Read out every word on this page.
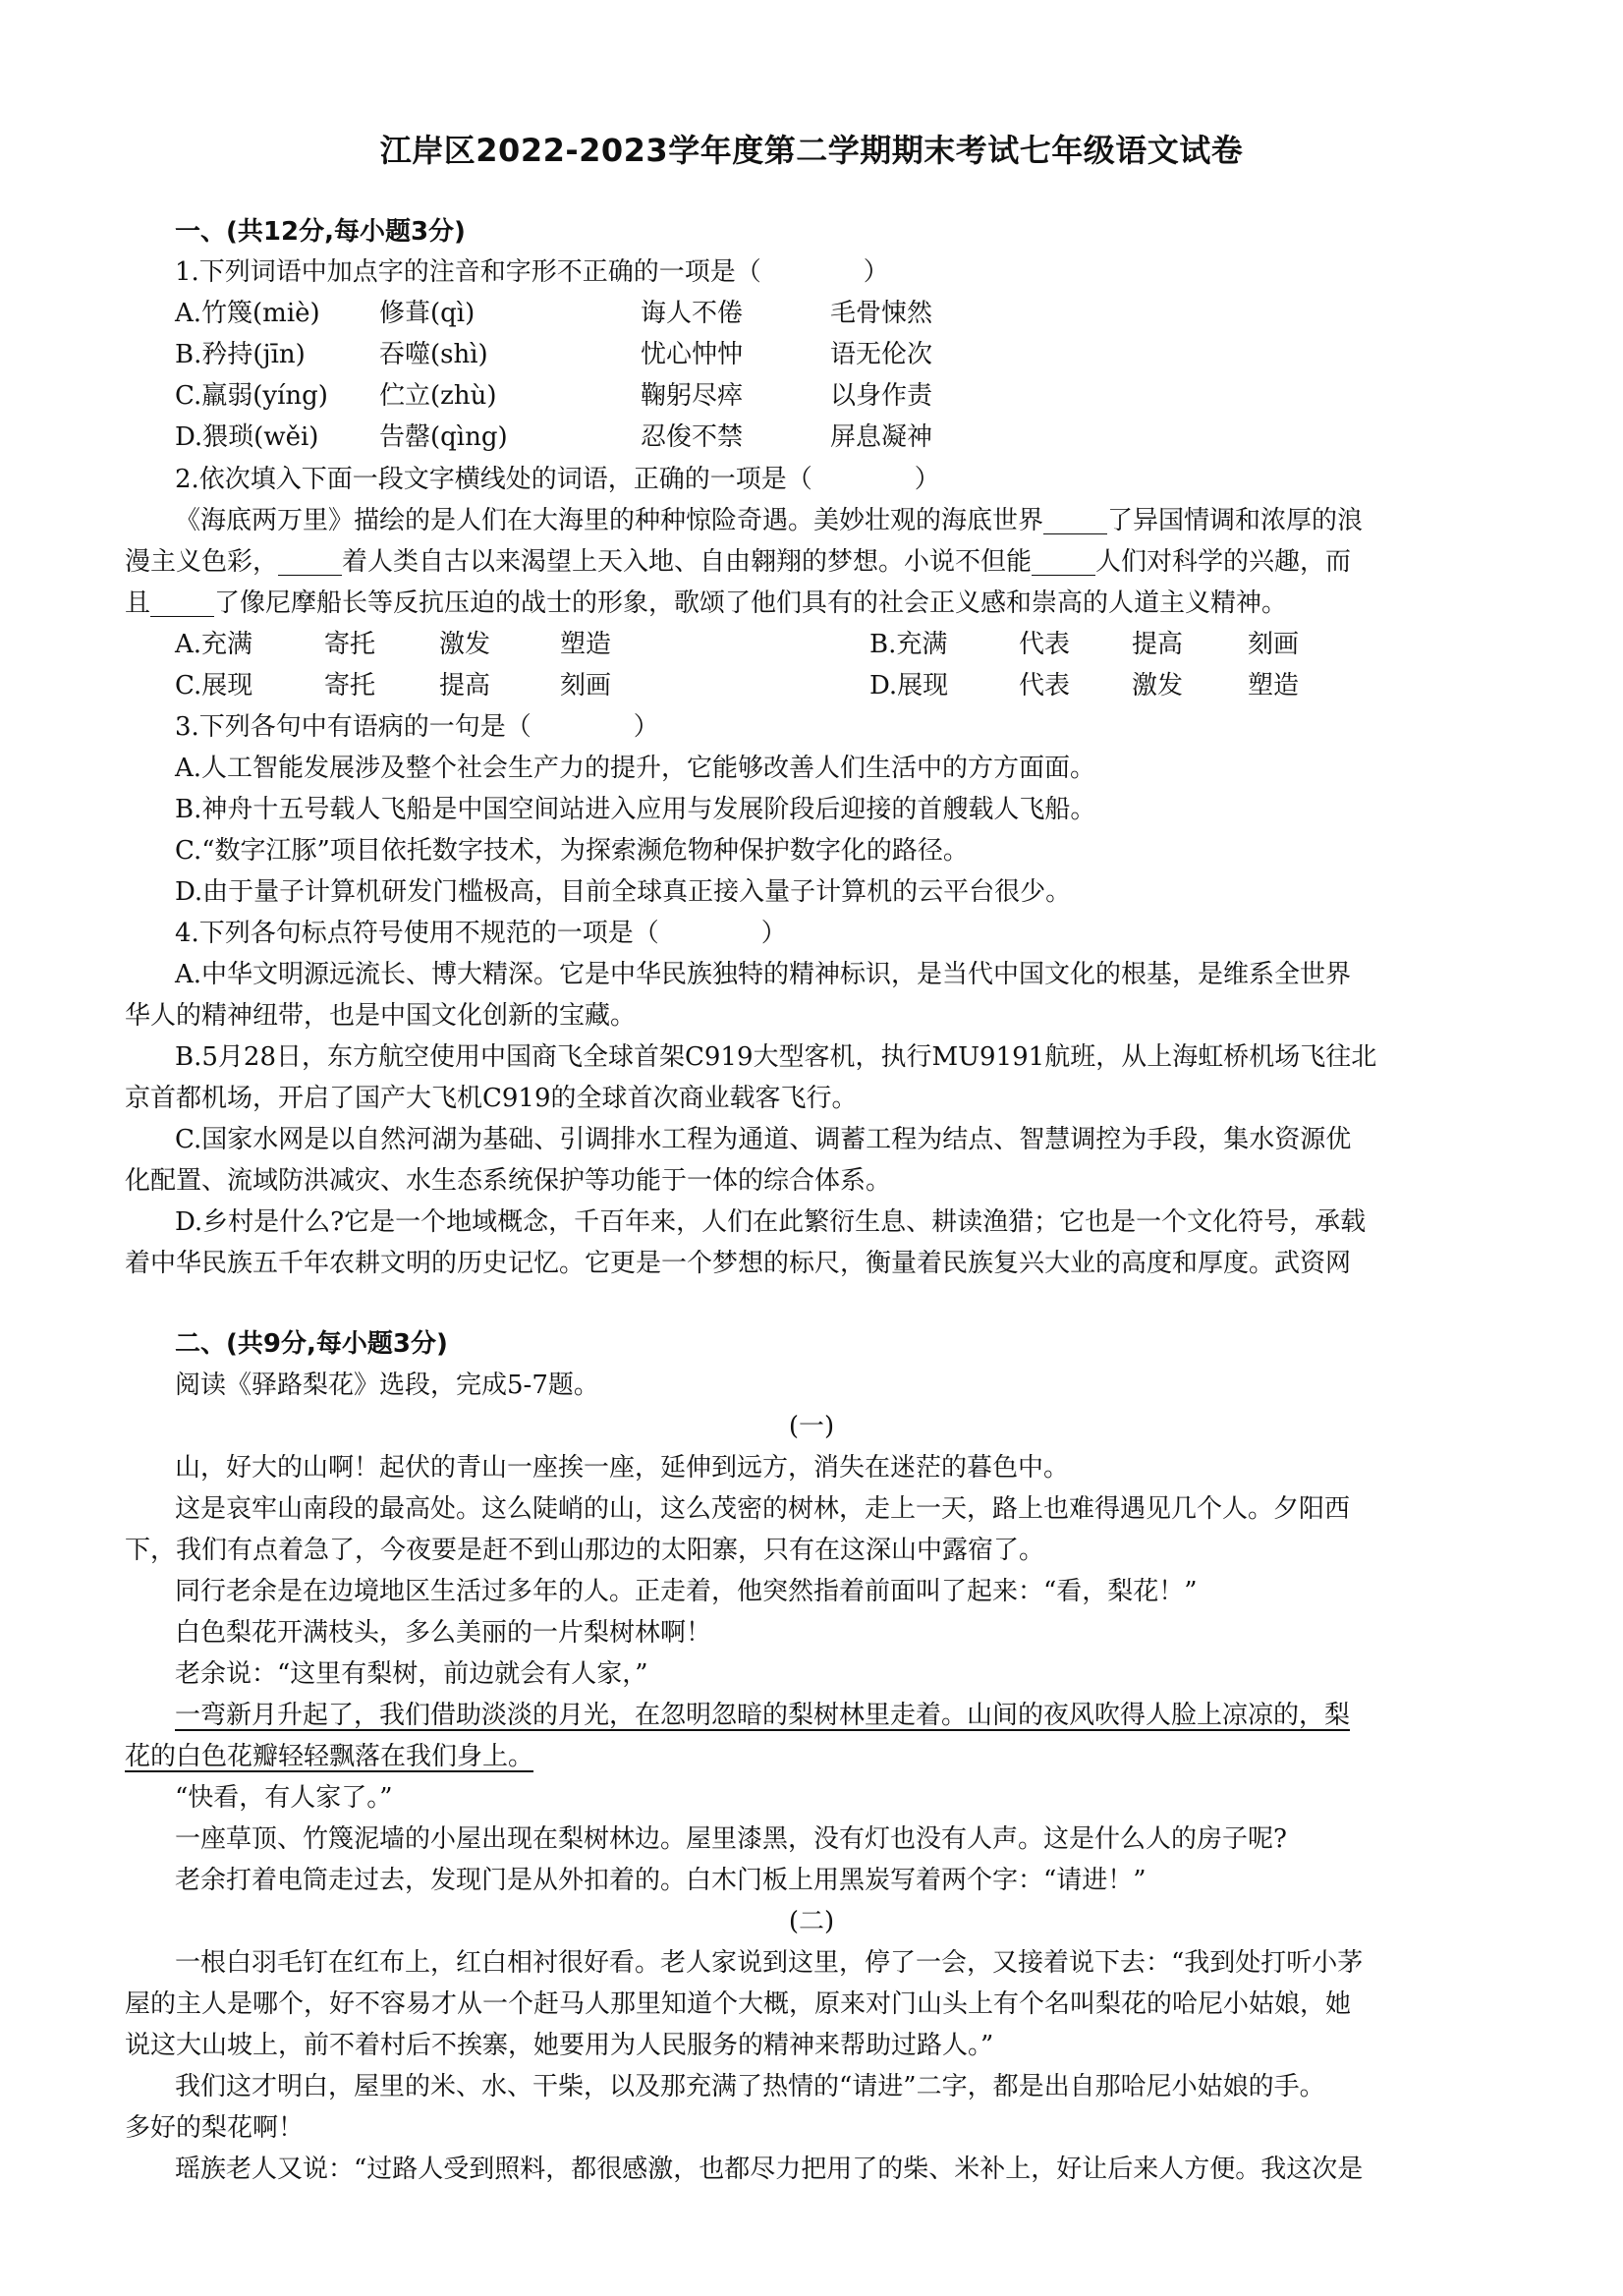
江岸区2022-2023学年度第二学期期末考试七年级语文试卷
一、(共12分,每小题3分)
1.下列词语中加点字的注音和字形不正确的一项是（　　　　）
A.竹篾(miè) 修葺(qì)	诲人不倦	毛骨悚然
B.矜持(jīn)	吞噬(shì)	忧心忡忡	语无伦次
C.羸弱(yíng) 伫立(zhù)	鞠躬尽瘁	以身作责
D.猥琐(wěi) 告罄(qìng)	忍俊不禁	屏息凝神
2.依次填入下面一段文字横线处的词语，正确的一项是（　　　　）
《海底两万里》描绘的是人们在大海里的种种惊险奇遇。美妙壮观的海底世界_____了异国情调和浓厚的浪
漫主义色彩，_____着人类自古以来渴望上天入地、自由翱翔的梦想。小说不但能_____人们对科学的兴趣，而
且_____了像尼摩船长等反抗压迫的战士的形象，歌颂了他们具有的社会正义感和崇高的人道主义精神。
A.充满	寄托 激发	塑造	B.充满	代表 提高	刻画
C.展现	寄托 提高	刻画	D.展现	代表 激发	塑造
3.下列各句中有语病的一句是（　　　　）
A.人工智能发展涉及整个社会生产力的提升，它能够改善人们生活中的方方面面。
B.神舟十五号载人飞船是中国空间站进入应用与发展阶段后迎接的首艘载人飞船。
C.“数字江豚”项目依托数字技术，为探索濒危物种保护数字化的路径。
D.由于量子计算机研发门槛极高，目前全球真正接入量子计算机的云平台很少。
4.下列各句标点符号使用不规范的一项是（　　　　）
A.中华文明源远流长、博大精深。它是中华民族独特的精神标识，是当代中国文化的根基，是维系全世界
华人的精神纽带，也是中国文化创新的宝藏。
B.5月28日，东方航空使用中国商飞全球首架C919大型客机，执行MU9191航班，从上海虹桥机场飞往北
京首都机场，开启了国产大飞机C919的全球首次商业载客飞行。
C.国家水网是以自然河湖为基础、引调排水工程为通道、调蓄工程为结点、智慧调控为手段，集水资源优
化配置、流域防洪减灾、水生态系统保护等功能于一体的综合体系。
D.乡村是什么?它是一个地域概念，千百年来，人们在此繁衍生息、耕读渔猎；它也是一个文化符号，承载
着中华民族五千年农耕文明的历史记忆。它更是一个梦想的标尺，衡量着民族复兴大业的高度和厚度。武资网
二、(共9分,每小题3分)
阅读《驿路梨花》选段，完成5-7题。
(一)
山，好大的山啊！起伏的青山一座挨一座，延伸到远方，消失在迷茫的暮色中。
这是哀牢山南段的最高处。这么陡峭的山，这么茂密的树林，走上一天，路上也难得遇见几个人。夕阳西
下，我们有点着急了，今夜要是赶不到山那边的太阳寨，只有在这深山中露宿了。
同行老余是在边境地区生活过多年的人。正走着，他突然指着前面叫了起来：“看，梨花！”
白色梨花开满枝头，多么美丽的一片梨树林啊！
老余说：“这里有梨树，前边就会有人家，”
一弯新月升起了，我们借助淡淡的月光，在忽明忽暗的梨树林里走着。山间的夜风吹得人脸上凉凉的，梨
花的白色花瓣轻轻飘落在我们身上。
“快看，有人家了。”
一座草顶、竹篾泥墙的小屋出现在梨树林边。屋里漆黑，没有灯也没有人声。这是什么人的房子呢?
老余打着电筒走过去，发现门是从外扣着的。白木门板上用黑炭写着两个字：“请进！”
(二)
一根白羽毛钉在红布上，红白相衬很好看。老人家说到这里，停了一会，又接着说下去：“我到处打听小茅
屋的主人是哪个，好不容易才从一个赶马人那里知道个大概，原来对门山头上有个名叫梨花的哈尼小姑娘，她
说这大山坡上，前不着村后不挨寨，她要用为人民服务的精神来帮助过路人。”
我们这才明白，屋里的米、水、干柴，以及那充满了热情的“请进”二字，都是出自那哈尼小姑娘的手。
多好的梨花啊！
瑶族老人又说：“过路人受到照料，都很感激，也都尽力把用了的柴、米补上，好让后来人方便。我这次是
